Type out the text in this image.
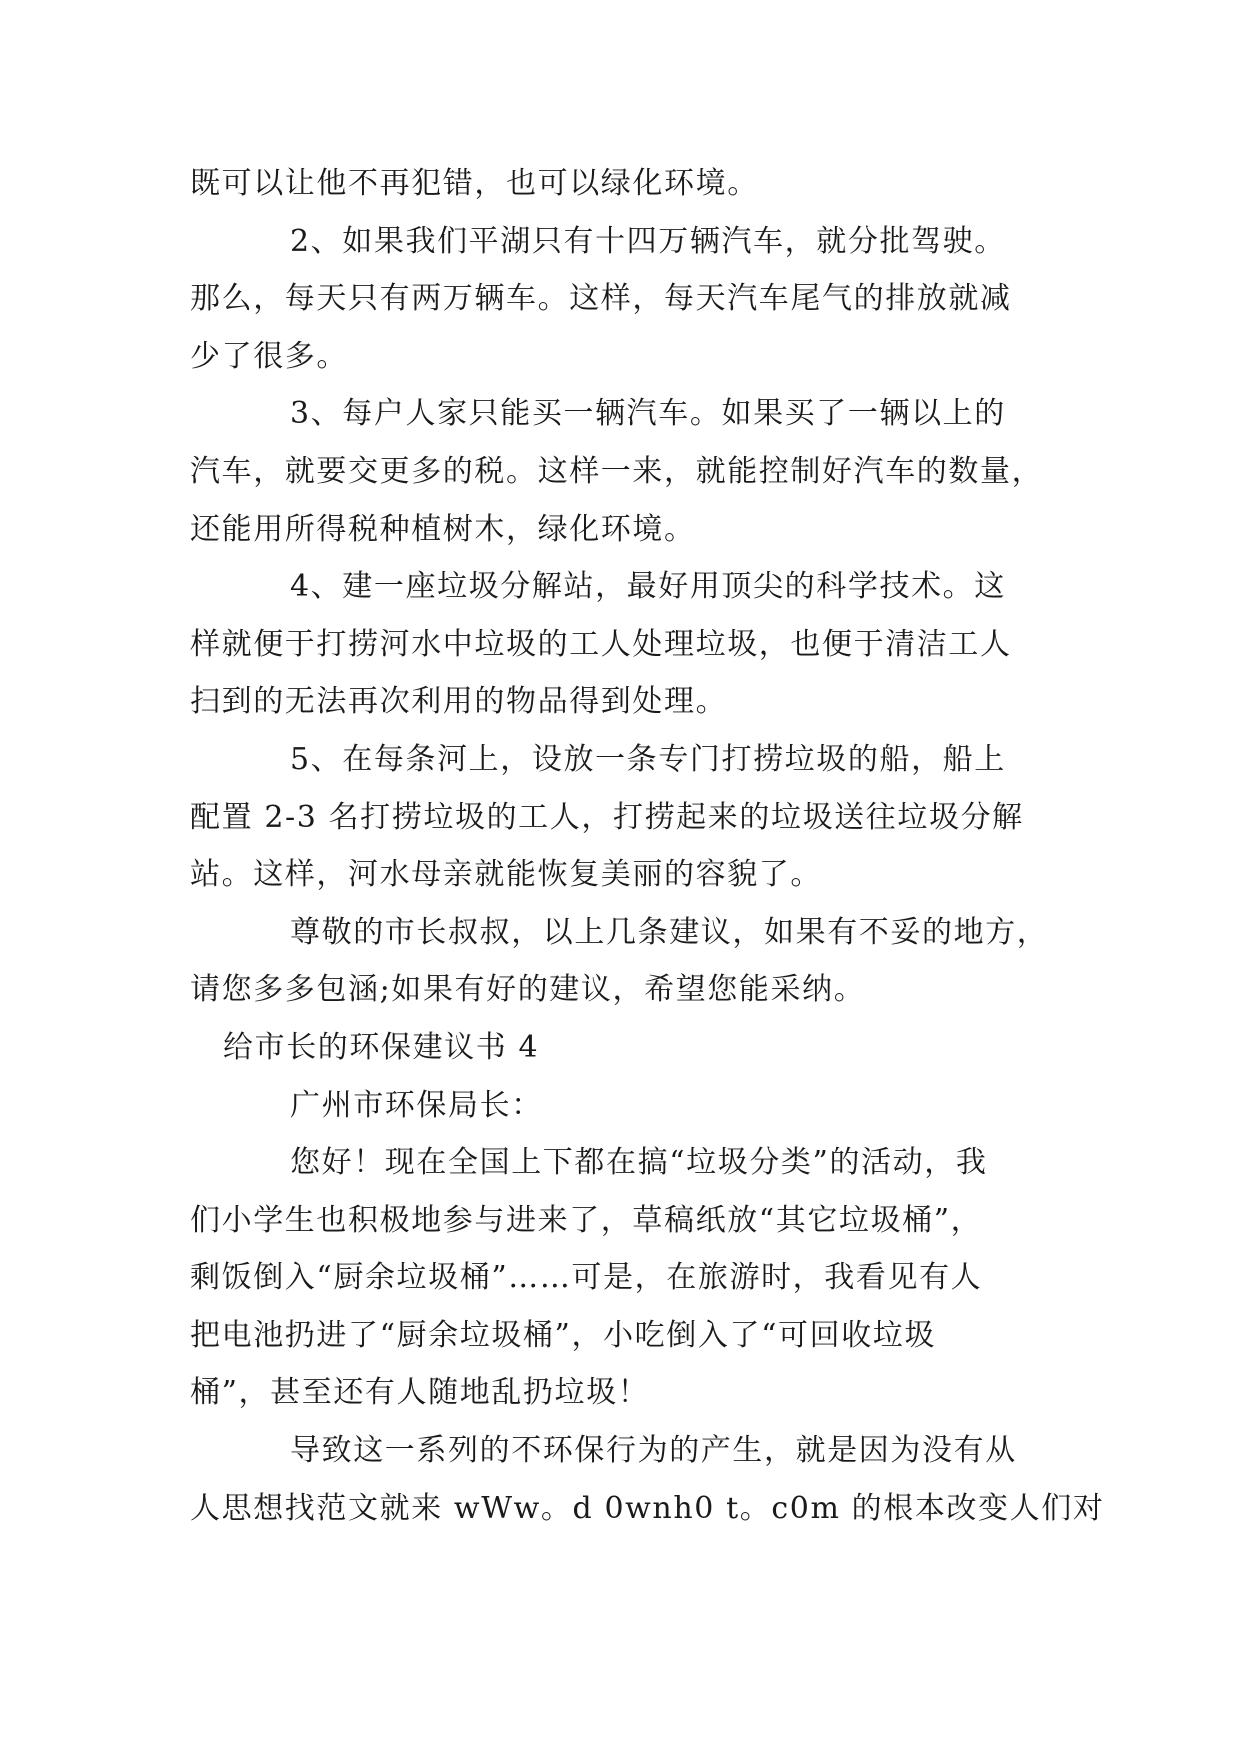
既可以让他不再犯错，也可以绿化环境。
2、如果我们平湖只有十四万辆汽车，就分批驾驶。
那么，每天只有两万辆车。这样，每天汽车尾气的排放就减
少了很多。
3、每户人家只能买一辆汽车。如果买了一辆以上的
汽车，就要交更多的税。这样一来，就能控制好汽车的数量，
还能用所得税种植树木，绿化环境。
4、建一座垃圾分解站，最好用顶尖的科学技术。这
样就便于打捞河水中垃圾的工人处理垃圾，也便于清洁工人
扫到的无法再次利用的物品得到处理。
5、在每条河上，设放一条专门打捞垃圾的船，船上
配置 2-3 名打捞垃圾的工人，打捞起来的垃圾送往垃圾分解
站。这样，河水母亲就能恢复美丽的容貌了。
尊敬的市长叔叔，以上几条建议，如果有不妥的地方，
请您多多包涵;如果有好的建议，希望您能采纳。
给市长的环保建议书 4
广州市环保局长：
您好！现在全国上下都在搞“垃圾分类”的活动，我
们小学生也积极地参与进来了，草稿纸放“其它垃圾桶”，
剩饭倒入“厨余垃圾桶”……可是，在旅游时，我看见有人
把电池扔进了“厨余垃圾桶”，小吃倒入了“可回收垃圾
桶”，甚至还有人随地乱扔垃圾！
导致这一系列的不环保行为的产生，就是因为没有从
人思想找范文就来 wWw。d 0wnh0 t。c0m 的根本改变人们对
